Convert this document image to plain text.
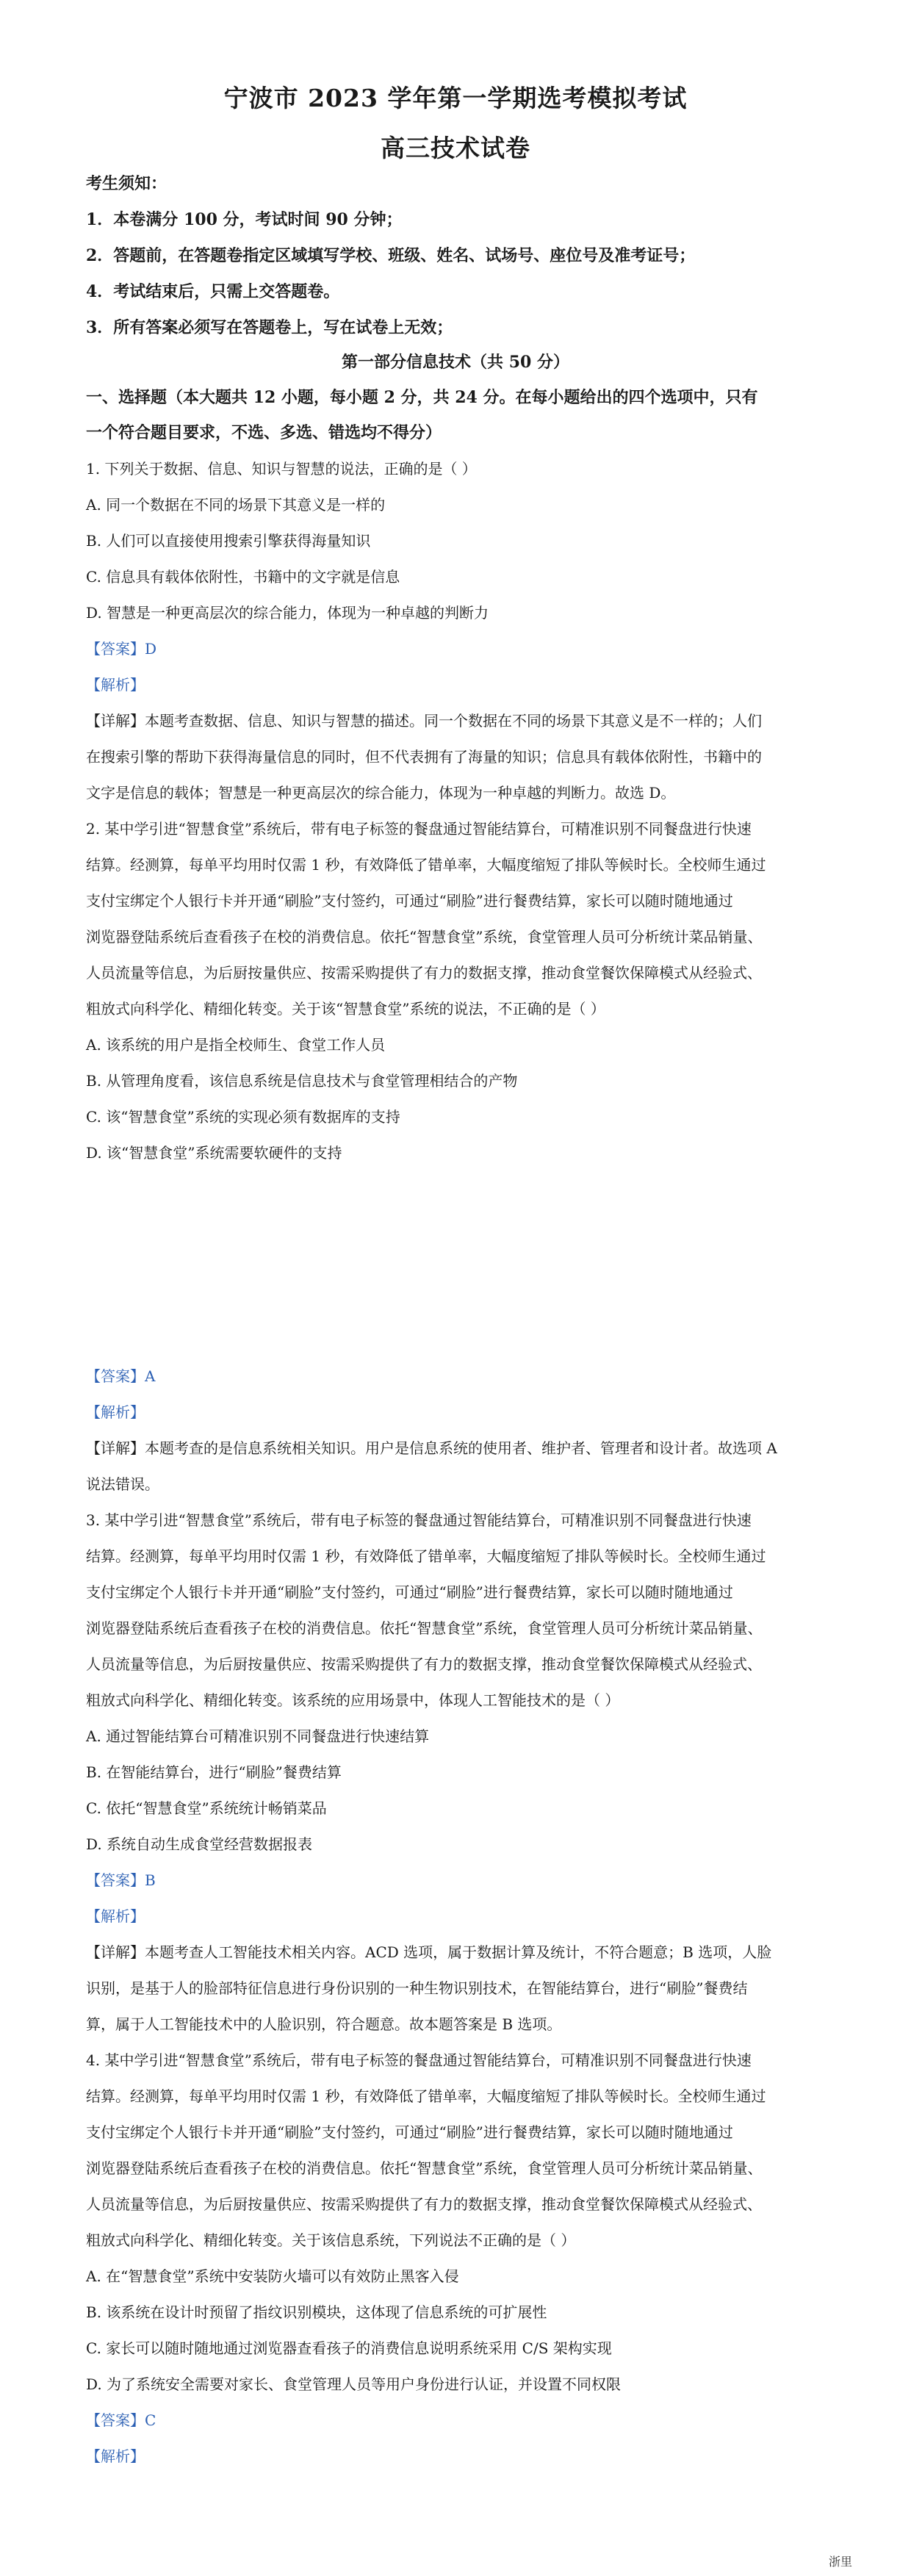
宁波市 2023 学年第一学期选考模拟考试
高三技术试卷
考生须知：
1．本卷满分 100 分，考试时间 90 分钟；
2．答题前，在答题卷指定区域填写学校、班级、姓名、试场号、座位号及准考证号；
4．考试结束后，只需上交答题卷。
3．所有答案必须写在答题卷上，写在试卷上无效；
第一部分信息技术（共 50 分）
一、选择题（本大题共 12 小题，每小题 2 分，共 24 分。在每小题给出的四个选项中，只有
一个符合题目要求，不选、多选、错选均不得分）
1. 下列关于数据、信息、知识与智慧的说法，正确的是（ ）
A. 同一个数据在不同的场景下其意义是一样的
B. 人们可以直接使用搜索引擎获得海量知识
C. 信息具有载体依附性，书籍中的文字就是信息
D. 智慧是一种更高层次的综合能力，体现为一种卓越的判断力
【答案】D
【解析】
【详解】本题考查数据、信息、知识与智慧的描述。同一个数据在不同的场景下其意义是不一样的；人们
在搜索引擎的帮助下获得海量信息的同时，但不代表拥有了海量的知识；信息具有载体依附性，书籍中的
文字是信息的载体；智慧是一种更高层次的综合能力，体现为一种卓越的判断力。故选 D。
2. 某中学引进“智慧食堂”系统后，带有电子标签的餐盘通过智能结算台，可精准识别不同餐盘进行快速
结算。经测算，每单平均用时仅需 1 秒，有效降低了错单率，大幅度缩短了排队等候时长。全校师生通过
支付宝绑定个人银行卡并开通“刷脸”支付签约，可通过“刷脸”进行餐费结算，家长可以随时随地通过
浏览器登陆系统后查看孩子在校的消费信息。依托“智慧食堂”系统，食堂管理人员可分析统计菜品销量、
人员流量等信息，为后厨按量供应、按需采购提供了有力的数据支撑，推动食堂餐饮保障模式从经验式、
粗放式向科学化、精细化转变。关于该“智慧食堂”系统的说法，不正确的是（ ）
A. 该系统的用户是指全校师生、食堂工作人员
B. 从管理角度看，该信息系统是信息技术与食堂管理相结合的产物
C. 该“智慧食堂”系统的实现必须有数据库的支持
D. 该“智慧食堂”系统需要软硬件的支持
【答案】A
【解析】
【详解】本题考查的是信息系统相关知识。用户是信息系统的使用者、维护者、管理者和设计者。故选项 A
说法错误。
3. 某中学引进“智慧食堂”系统后，带有电子标签的餐盘通过智能结算台，可精准识别不同餐盘进行快速
结算。经测算，每单平均用时仅需 1 秒，有效降低了错单率，大幅度缩短了排队等候时长。全校师生通过
支付宝绑定个人银行卡并开通“刷脸”支付签约，可通过“刷脸”进行餐费结算，家长可以随时随地通过
浏览器登陆系统后查看孩子在校的消费信息。依托“智慧食堂”系统，食堂管理人员可分析统计菜品销量、
人员流量等信息，为后厨按量供应、按需采购提供了有力的数据支撑，推动食堂餐饮保障模式从经验式、
粗放式向科学化、精细化转变。该系统的应用场景中，体现人工智能技术的是（ ）
A. 通过智能结算台可精准识别不同餐盘进行快速结算
B. 在智能结算台，进行“刷脸”餐费结算
C. 依托“智慧食堂”系统统计畅销菜品
D. 系统自动生成食堂经营数据报表
【答案】B
【解析】
【详解】本题考查人工智能技术相关内容。ACD 选项，属于数据计算及统计，不符合题意；B 选项，人脸
识别，是基于人的脸部特征信息进行身份识别的一种生物识别技术，在智能结算台，进行“刷脸”餐费结
算，属于人工智能技术中的人脸识别，符合题意。故本题答案是 B 选项。
4. 某中学引进“智慧食堂”系统后，带有电子标签的餐盘通过智能结算台，可精准识别不同餐盘进行快速
结算。经测算，每单平均用时仅需 1 秒，有效降低了错单率，大幅度缩短了排队等候时长。全校师生通过
支付宝绑定个人银行卡并开通“刷脸”支付签约，可通过“刷脸”进行餐费结算，家长可以随时随地通过
浏览器登陆系统后查看孩子在校的消费信息。依托“智慧食堂”系统，食堂管理人员可分析统计菜品销量、
人员流量等信息，为后厨按量供应、按需采购提供了有力的数据支撑，推动食堂餐饮保障模式从经验式、
粗放式向科学化、精细化转变。关于该信息系统，下列说法不正确的是（ ）
A. 在“智慧食堂”系统中安装防火墙可以有效防止黑客入侵
B. 该系统在设计时预留了指纹识别模块，这体现了信息系统的可扩展性
C. 家长可以随时随地通过浏览器查看孩子的消费信息说明系统采用 C/S 架构实现
D. 为了系统安全需要对家长、食堂管理人员等用户身份进行认证，并设置不同权限
【答案】C
【解析】
浙里
